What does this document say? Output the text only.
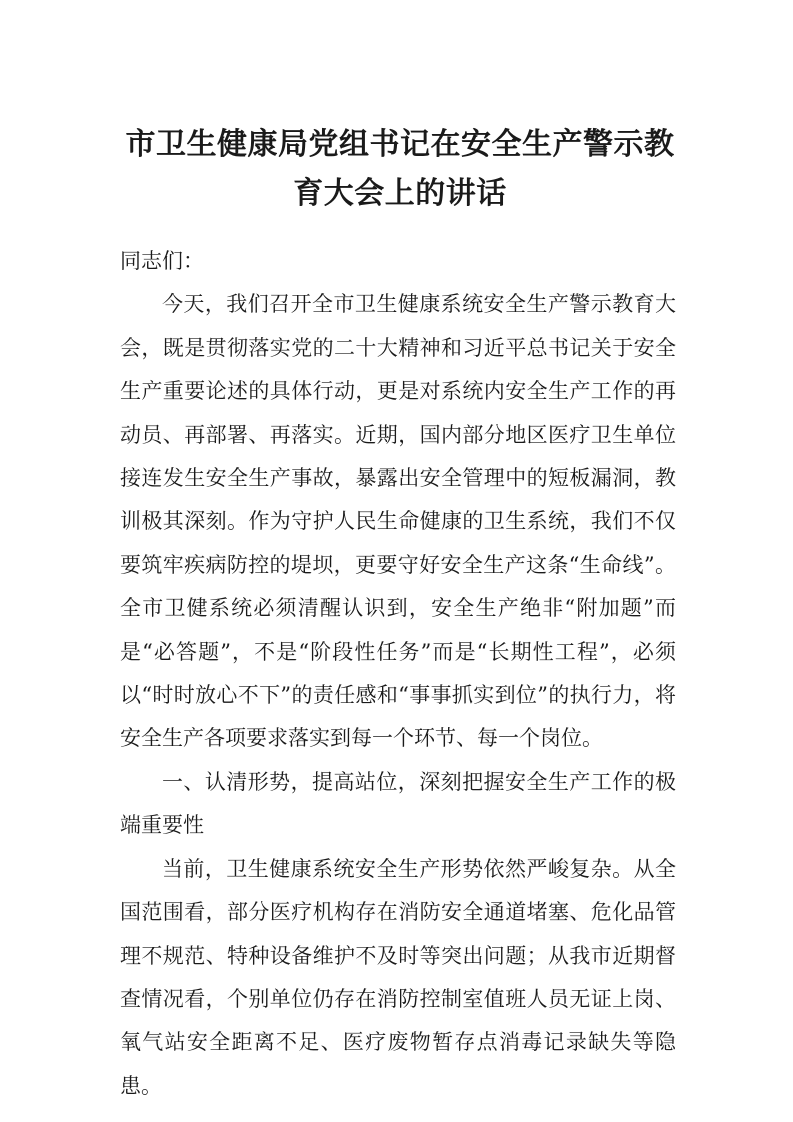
市卫生健康局党组书记在安全生产警示教
育大会上的讲话

同志们：

今天，我们召开全市卫生健康系统安全生产警示教育大会，既是贯彻落实党的二十大精神和习近平总书记关于安全生产重要论述的具体行动，更是对系统内安全生产工作的再动员、再部署、再落实。近期，国内部分地区医疗卫生单位接连发生安全生产事故，暴露出安全管理中的短板漏洞，教训极其深刻。作为守护人民生命健康的卫生系统，我们不仅要筑牢疾病防控的堤坝，更要守好安全生产这条“生命线”。全市卫健系统必须清醒认识到，安全生产绝非“附加题”而是“必答题”，不是“阶段性任务”而是“长期性工程”，必须以“时时放心不下”的责任感和“事事抓实到位”的执行力，将安全生产各项要求落实到每一个环节、每一个岗位。

一、认清形势，提高站位，深刻把握安全生产工作的极端重要性

当前，卫生健康系统安全生产形势依然严峻复杂。从全国范围看，部分医疗机构存在消防安全通道堵塞、危化品管理不规范、特种设备维护不及时等突出问题；从我市近期督查情况看，个别单位仍存在消防控制室值班人员无证上岗、氧气站安全距离不足、医疗废物暂存点消毒记录缺失等隐患。
